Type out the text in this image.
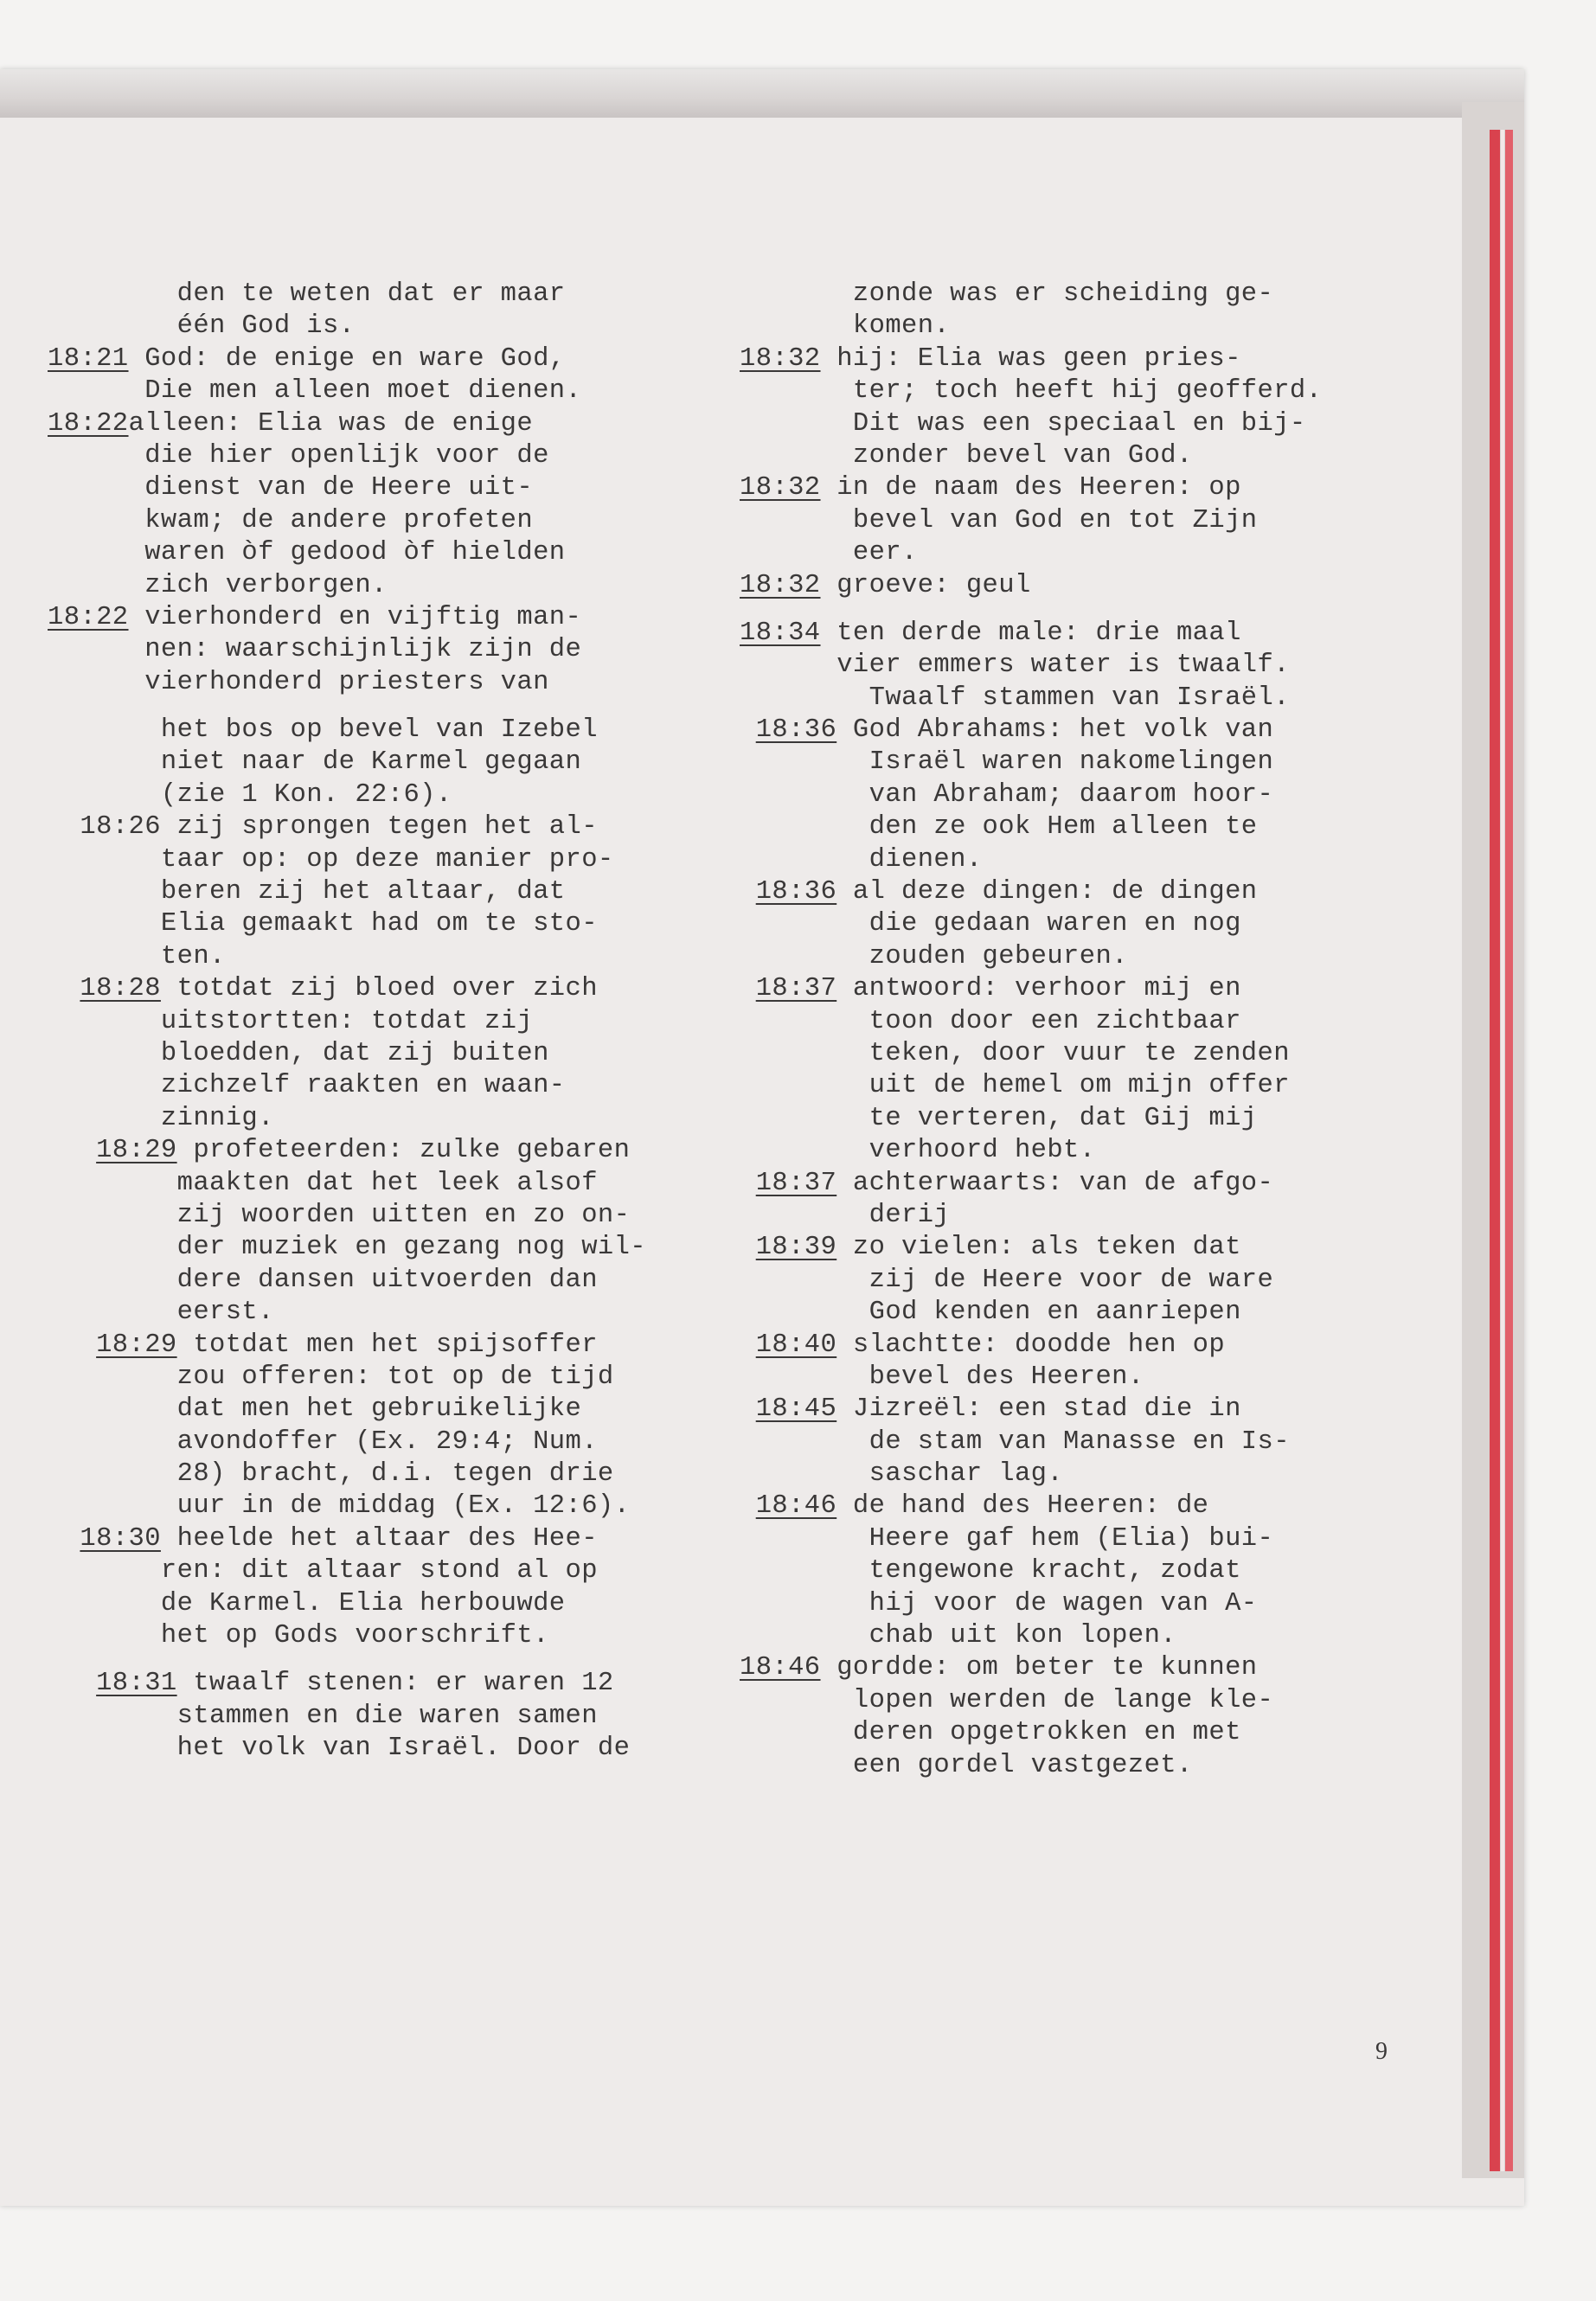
den te weten dat er maar
één God is.
18:21 God: de enige en ware God,
Die men alleen moet dienen.
18:22alleen: Elia was de enige
die hier openlijk voor de
dienst van de Heere uit-
kwam; de andere profeten
waren òf gedood òf hielden
zich verborgen.
18:22 vierhonderd en vijftig man-
nen: waarschijnlijk zijn de
vierhonderd priesters van
het bos op bevel van Izebel
niet naar de Karmel gegaan
(zie 1 Kon. 22:6).
18:26 zij sprongen tegen het al-
taar op: op deze manier pro-
beren zij het altaar, dat
Elia gemaakt had om te sto-
ten.
18:28 totdat zij bloed over zich
uitstortten: totdat zij
bloedden, dat zij buiten
zichzelf raakten en waan-
zinnig.
18:29 profeteerden: zulke gebaren
maakten dat het leek alsof
zij woorden uitten en zo on-
der muziek en gezang nog wil-
dere dansen uitvoerden dan
eerst.
18:29 totdat men het spijsoffer
zou offeren: tot op de tijd
dat men het gebruikelijke
avondoffer (Ex. 29:4; Num.
28) bracht, d.i. tegen drie
uur in de middag (Ex. 12:6).
18:30 heelde het altaar des Hee-
ren: dit altaar stond al op
de Karmel. Elia herbouwde
het op Gods voorschrift.
18:31 twaalf stenen: er waren 12
stammen en die waren samen
het volk van Israël. Door de
zonde was er scheiding ge-
komen.
18:32 hij: Elia was geen pries-
ter; toch heeft hij geofferd.
Dit was een speciaal en bij-
zonder bevel van God.
18:32 in de naam des Heeren: op
bevel van God en tot Zijn
eer.
18:32 groeve: geul
18:34 ten derde male: drie maal
vier emmers water is twaalf.
Twaalf stammen van Israël.
18:36 God Abrahams: het volk van
Israël waren nakomelingen
van Abraham; daarom hoor-
den ze ook Hem alleen te
dienen.
18:36 al deze dingen: de dingen
die gedaan waren en nog
zouden gebeuren.
18:37 antwoord: verhoor mij en
toon door een zichtbaar
teken, door vuur te zenden
uit de hemel om mijn offer
te verteren, dat Gij mij
verhoord hebt.
18:37 achterwaarts: van de afgo-
derij
18:39 zo vielen: als teken dat
zij de Heere voor de ware
God kenden en aanriepen
18:40 slachtte: doodde hen op
bevel des Heeren.
18:45 Jizreël: een stad die in
de stam van Manasse en Is-
saschar lag.
18:46 de hand des Heeren: de
Heere gaf hem (Elia) bui-
tengewone kracht, zodat
hij voor de wagen van A-
chab uit kon lopen.
18:46 gordde: om beter te kunnen
lopen werden de lange kle-
deren opgetrokken en met
een gordel vastgezet.
9
